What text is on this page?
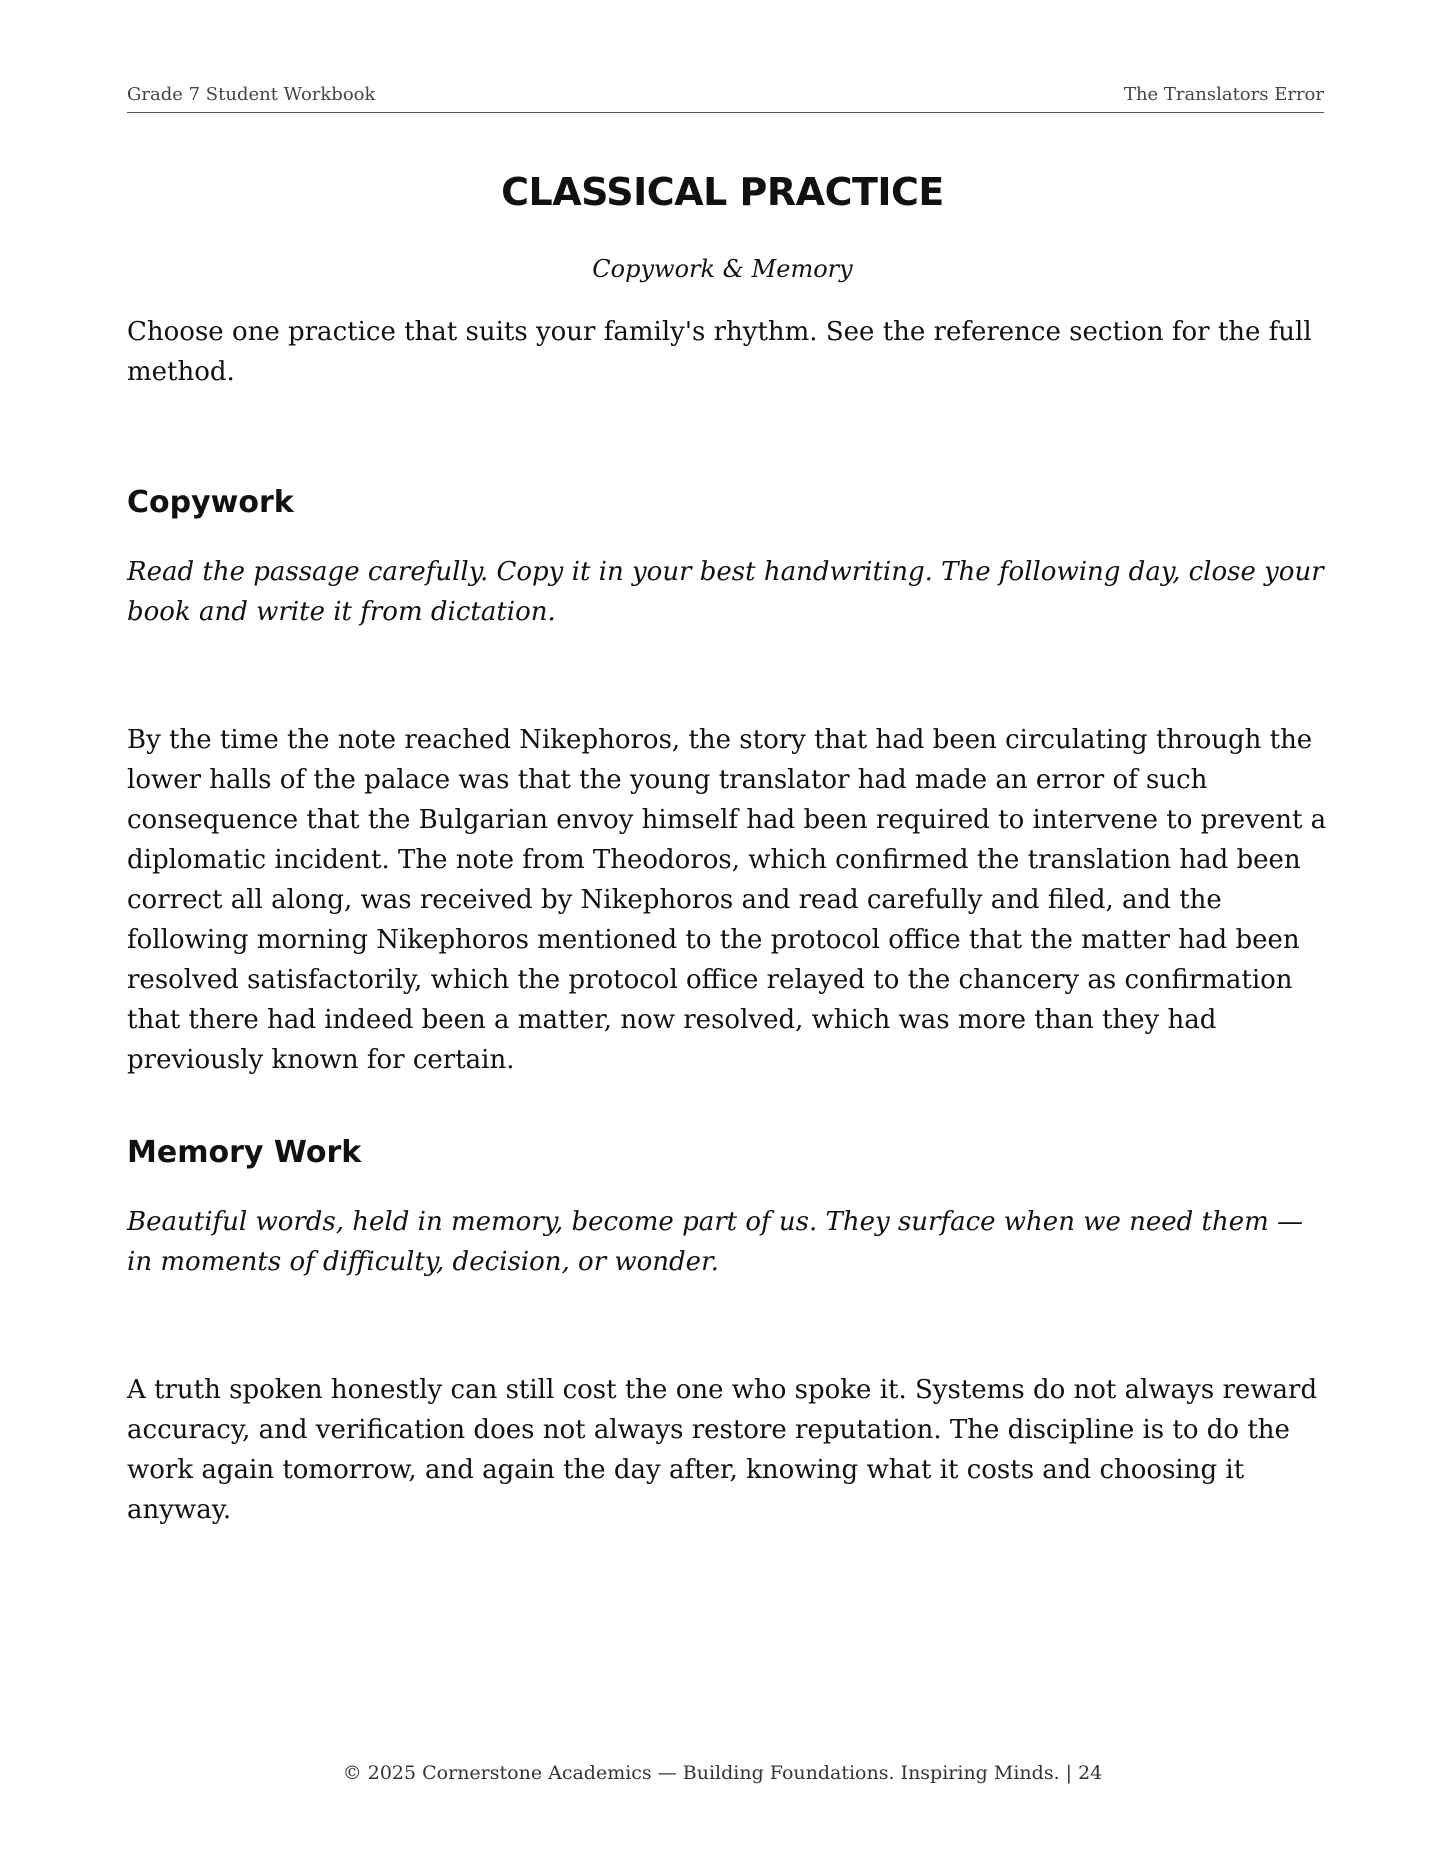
Grade 7 Student Workbook	The Translators Error
CLASSICAL PRACTICE
Copywork & Memory
Choose one practice that suits your family's rhythm. See the reference section for the full method.
Copywork
Read the passage carefully. Copy it in your best handwriting. The following day, close your book and write it from dictation.
By the time the note reached Nikephoros, the story that had been circulating through the lower halls of the palace was that the young translator had made an error of such consequence that the Bulgarian envoy himself had been required to intervene to prevent a diplomatic incident. The note from Theodoros, which confirmed the translation had been correct all along, was received by Nikephoros and read carefully and filed, and the following morning Nikephoros mentioned to the protocol office that the matter had been resolved satisfactorily, which the protocol office relayed to the chancery as confirmation that there had indeed been a matter, now resolved, which was more than they had previously known for certain.
Memory Work
Beautiful words, held in memory, become part of us. They surface when we need them — in moments of difficulty, decision, or wonder.
A truth spoken honestly can still cost the one who spoke it. Systems do not always reward accuracy, and verification does not always restore reputation. The discipline is to do the work again tomorrow, and again the day after, knowing what it costs and choosing it anyway.
© 2025 Cornerstone Academics — Building Foundations. Inspiring Minds. | 24
